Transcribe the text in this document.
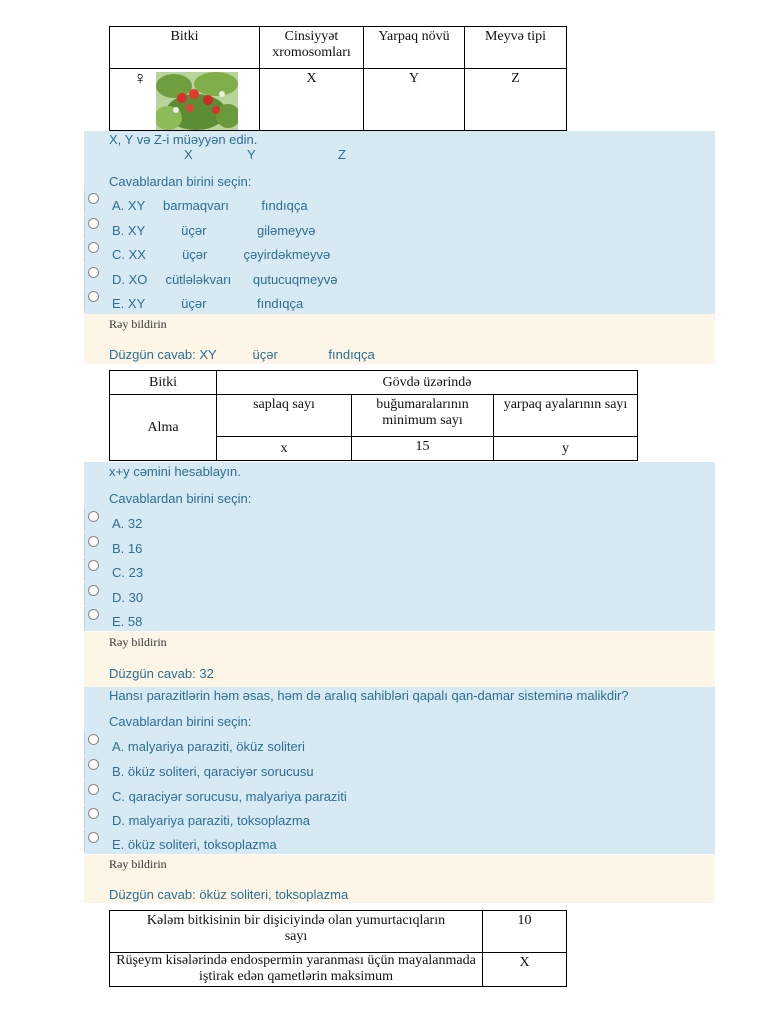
Bitki	Cinsiyyət xromosomları	Yarpaq növü	Meyvə tipi

♀	X	Y	Z
X, Y və Z-i müəyyən edin.
X	Y	Z
Cavablardan birini seçin:
A. XY     barmaqvarı         fındıqça
B. XY          üçər              giləmeyvə
C. XX          üçər          çəyirdəkmeyvə
D. XO     cütləlәkvarı      qutucuqmeyvə
E. XY          üçər              fındıqça
Rəy bildirin
Düzgün cavab: XY          üçər              fındıqça
Bitki	Gövdə üzərində		
Alma	saplaq sayı	buğumaralarının minimum sayı	yarpaq ayalarının sayı
	x	15	y
x+y cəmini hesablayın.
Cavablardan birini seçin:
A. 32
B. 16
C. 23
D. 30
E. 58
Rəy bildirin
Düzgün cavab: 32
Hansı parazitlərin həm əsas, həm də aralıq sahibləri qapalı qan-damar sisteminə malikdir?
Cavablardan birini seçin:
A. malyariya paraziti, öküz soliteri
B. öküz soliteri, qaraciyər sorucusu
C. qaraciyər sorucusu, malyariya paraziti
D. malyariya paraziti, toksoplazma
E. öküz soliteri, toksoplazma
Rəy bildirin
Düzgün cavab: öküz soliteri, toksoplazma
Kələm bitkisinin bir dişiciyində olan yumurtacıqların sayı	10
Rüşeym kisələrində endospermin yaranması üçün mayalanmada iştirak edən qametlərin maksimum	X
